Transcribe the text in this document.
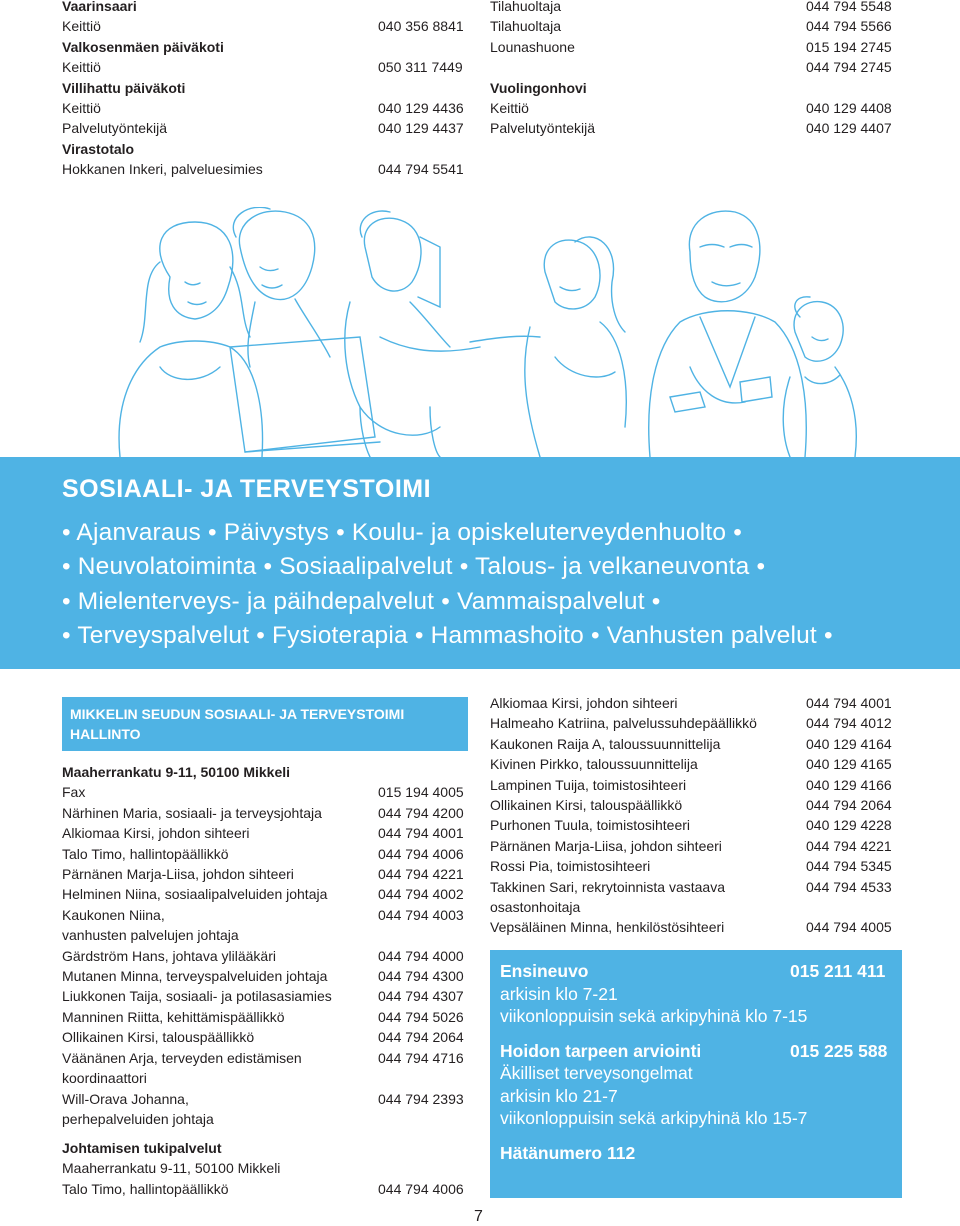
Vaarinsaari
Keittiö	040 356 8841
Valkosenmäen päiväkoti
Keittiö	050 311 7449
Villihattu päiväkoti
Keittiö	040 129 4436
Palvelutyöntekijä	040 129 4437
Virastotalo
Hokkanen Inkeri, palveluesimies	044 794 5541
Tilahuoltaja	044 794 5548
Tilahuoltaja	044 794 5566
Lounashuone	015 194 2745
044 794 2745
Vuolingonhovi
Keittiö	040 129 4408
Palvelutyöntekijä	040 129 4407
SOSIAALI- JA TERVEYSTOIMI
• Ajanvaraus • Päivystys • Koulu- ja opiskeluterveydenhuolto •
• Neuvolatoiminta • Sosiaalipalvelut • Talous- ja velkaneuvonta •
• Mielenterveys- ja päihdepalvelut • Vammaispalvelut •
• Terveyspalvelut • Fysioterapia • Hammashoito • Vanhusten palvelut •
MIKKELIN SEUDUN SOSIAALI- JA TERVEYSTOIMI
HALLINTO
Maaherrankatu 9-11, 50100 Mikkeli
Fax	015 194 4005
Närhinen Maria, sosiaali- ja terveysjohtaja	044 794 4200
Alkiomaa Kirsi, johdon sihteeri	044 794 4001
Talo Timo, hallintopäällikkö	044 794 4006
Pärnänen Marja-Liisa, johdon sihteeri	044 794 4221
Helminen Niina, sosiaalipalveluiden johtaja	044 794 4002
Kaukonen Niina,	044 794 4003
vanhusten palvelujen johtaja
Gärdström Hans, johtava ylilääkäri	044 794 4000
Mutanen Minna, terveyspalveluiden johtaja	044 794 4300
Liukkonen Taija, sosiaali- ja potilasasiamies	044 794 4307
Manninen Riitta, kehittämispäällikkö	044 794 5026
Ollikainen Kirsi, talouspäällikkö	044 794 2064
Väänänen Arja, terveyden edistämisen	044 794 4716
koordinaattori
Will-Orava Johanna,	044 794 2393
perhepalveluiden johtaja
Johtamisen tukipalvelut
Maaherrankatu 9-11, 50100 Mikkeli
Talo Timo, hallintopäällikkö	044 794 4006
Alkiomaa Kirsi, johdon sihteeri	044 794 4001
Halmeaho Katriina, palvelussuhdepäällikkö	044 794 4012
Kaukonen Raija A, taloussuunnittelija	040 129 4164
Kivinen Pirkko, taloussuunnittelija	040 129 4165
Lampinen Tuija, toimistosihteeri	040 129 4166
Ollikainen Kirsi, talouspäällikkö	044 794 2064
Purhonen Tuula, toimistosihteeri	040 129 4228
Pärnänen Marja-Liisa, johdon sihteeri	044 794 4221
Rossi Pia, toimistosihteeri	044 794 5345
Takkinen Sari, rekrytoinnista vastaava	044 794 4533
osastonhoitaja
Vepsäläinen Minna, henkilöstösihteeri	044 794 4005
Ensineuvo	015 211 411
arkisin klo 7-21
viikonloppuisin sekä arkipyhinä klo 7-15
Hoidon tarpeen arviointi	015 225 588
Äkilliset terveysongelmat
arkisin klo 21-7
viikonloppuisin sekä arkipyhinä klo 15-7
Hätänumero 112
7
